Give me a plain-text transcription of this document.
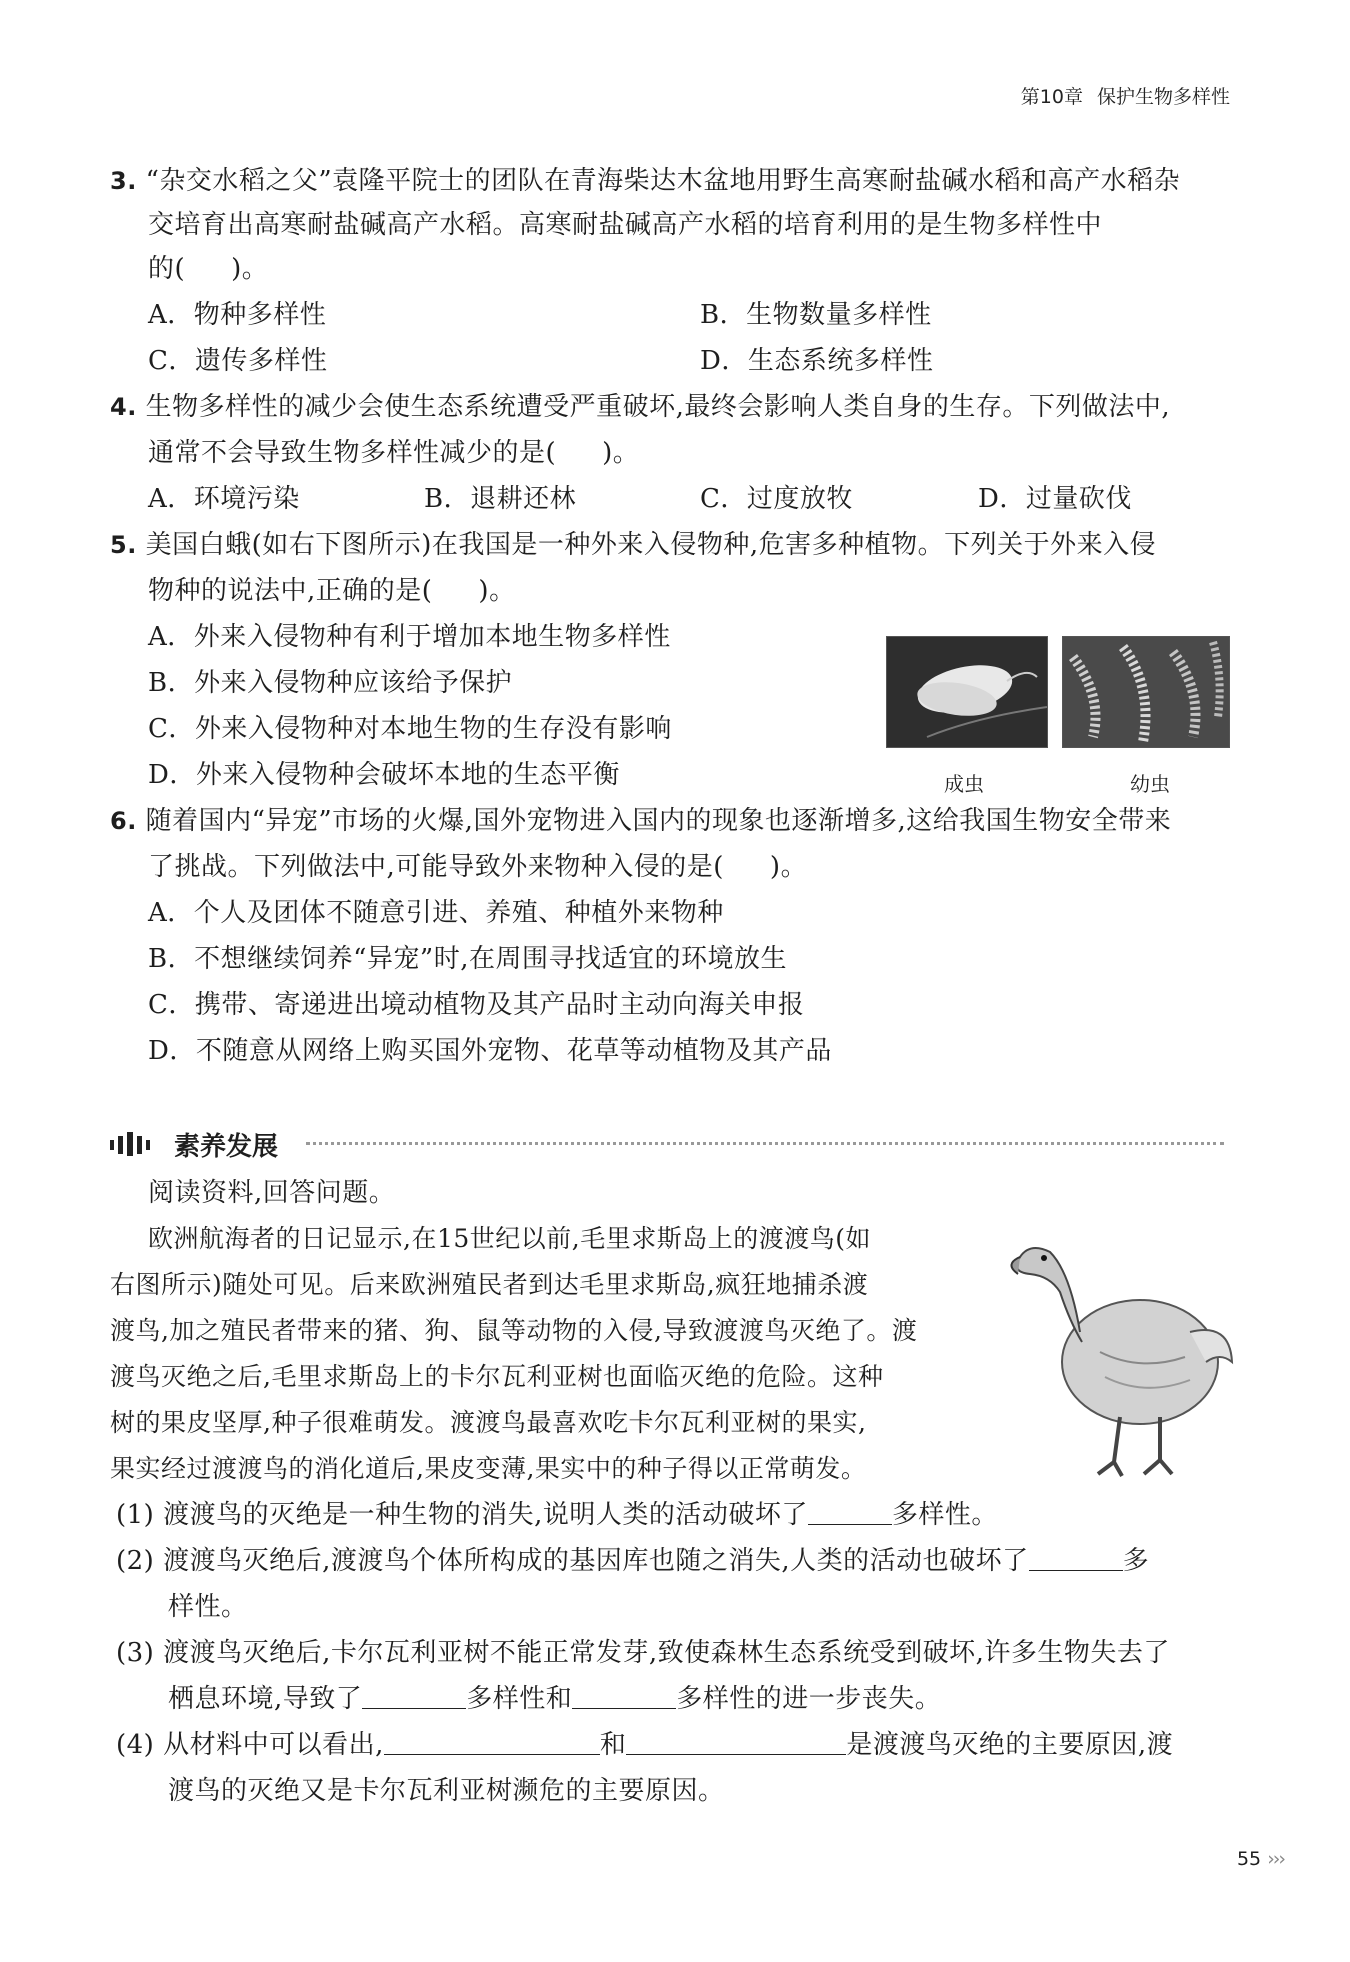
第10章 保护生物多样性
3. “杂交水稻之父”袁隆平院士的团队在青海柴达木盆地用野生高寒耐盐碱水稻和高产水稻杂
交培育出高寒耐盐碱高产水稻。高寒耐盐碱高产水稻的培育利用的是生物多样性中
的( )。
A．物种多样性	B．生物数量多样性
C．遗传多样性	D．生态系统多样性
4. 生物多样性的减少会使生态系统遭受严重破坏,最终会影响人类自身的生存。下列做法中,
通常不会导致生物多样性减少的是( )。
A．环境污染	B．退耕还林	C．过度放牧	D．过量砍伐
5. 美国白蛾(如右下图所示)在我国是一种外来入侵物种,危害多种植物。下列关于外来入侵
物种的说法中,正确的是( )。
A．外来入侵物种有利于增加本地生物多样性
B．外来入侵物种应该给予保护
C．外来入侵物种对本地生物的生存没有影响
D．外来入侵物种会破坏本地的生态平衡	成虫	幼虫
6. 随着国内“异宠”市场的火爆,国外宠物进入国内的现象也逐渐增多,这给我国生物安全带来
了挑战。下列做法中,可能导致外来物种入侵的是( )。
A．个人及团体不随意引进、养殖、种植外来物种
B．不想继续饲养“异宠”时,在周围寻找适宜的环境放生
C．携带、寄递进出境动植物及其产品时主动向海关申报
D．不随意从网络上购买国外宠物、花草等动植物及其产品
素养发展
阅读资料,回答问题。
欧洲航海者的日记显示,在15世纪以前,毛里求斯岛上的渡渡鸟(如
右图所示)随处可见。后来欧洲殖民者到达毛里求斯岛,疯狂地捕杀渡
渡鸟,加之殖民者带来的猪、狗、鼠等动物的入侵,导致渡渡鸟灭绝了。渡
渡鸟灭绝之后,毛里求斯岛上的卡尔瓦利亚树也面临灭绝的危险。这种
树的果皮坚厚,种子很难萌发。渡渡鸟最喜欢吃卡尔瓦利亚树的果实,
果实经过渡渡鸟的消化道后,果皮变薄,果实中的种子得以正常萌发。
(1) 渡渡鸟的灭绝是一种生物的消失,说明人类的活动破坏了	多样性。
(2) 渡渡鸟灭绝后,渡渡鸟个体所构成的基因库也随之消失,人类的活动也破坏了	多
样性。
(3) 渡渡鸟灭绝后,卡尔瓦利亚树不能正常发芽,致使森林生态系统受到破坏,许多生物失去了
栖息环境,导致了	多样性和	多样性的进一步丧失。
(4) 从材料中可以看出,	和	是渡渡鸟灭绝的主要原因,渡
渡鸟的灭绝又是卡尔瓦利亚树濒危的主要原因。
55 ›››
